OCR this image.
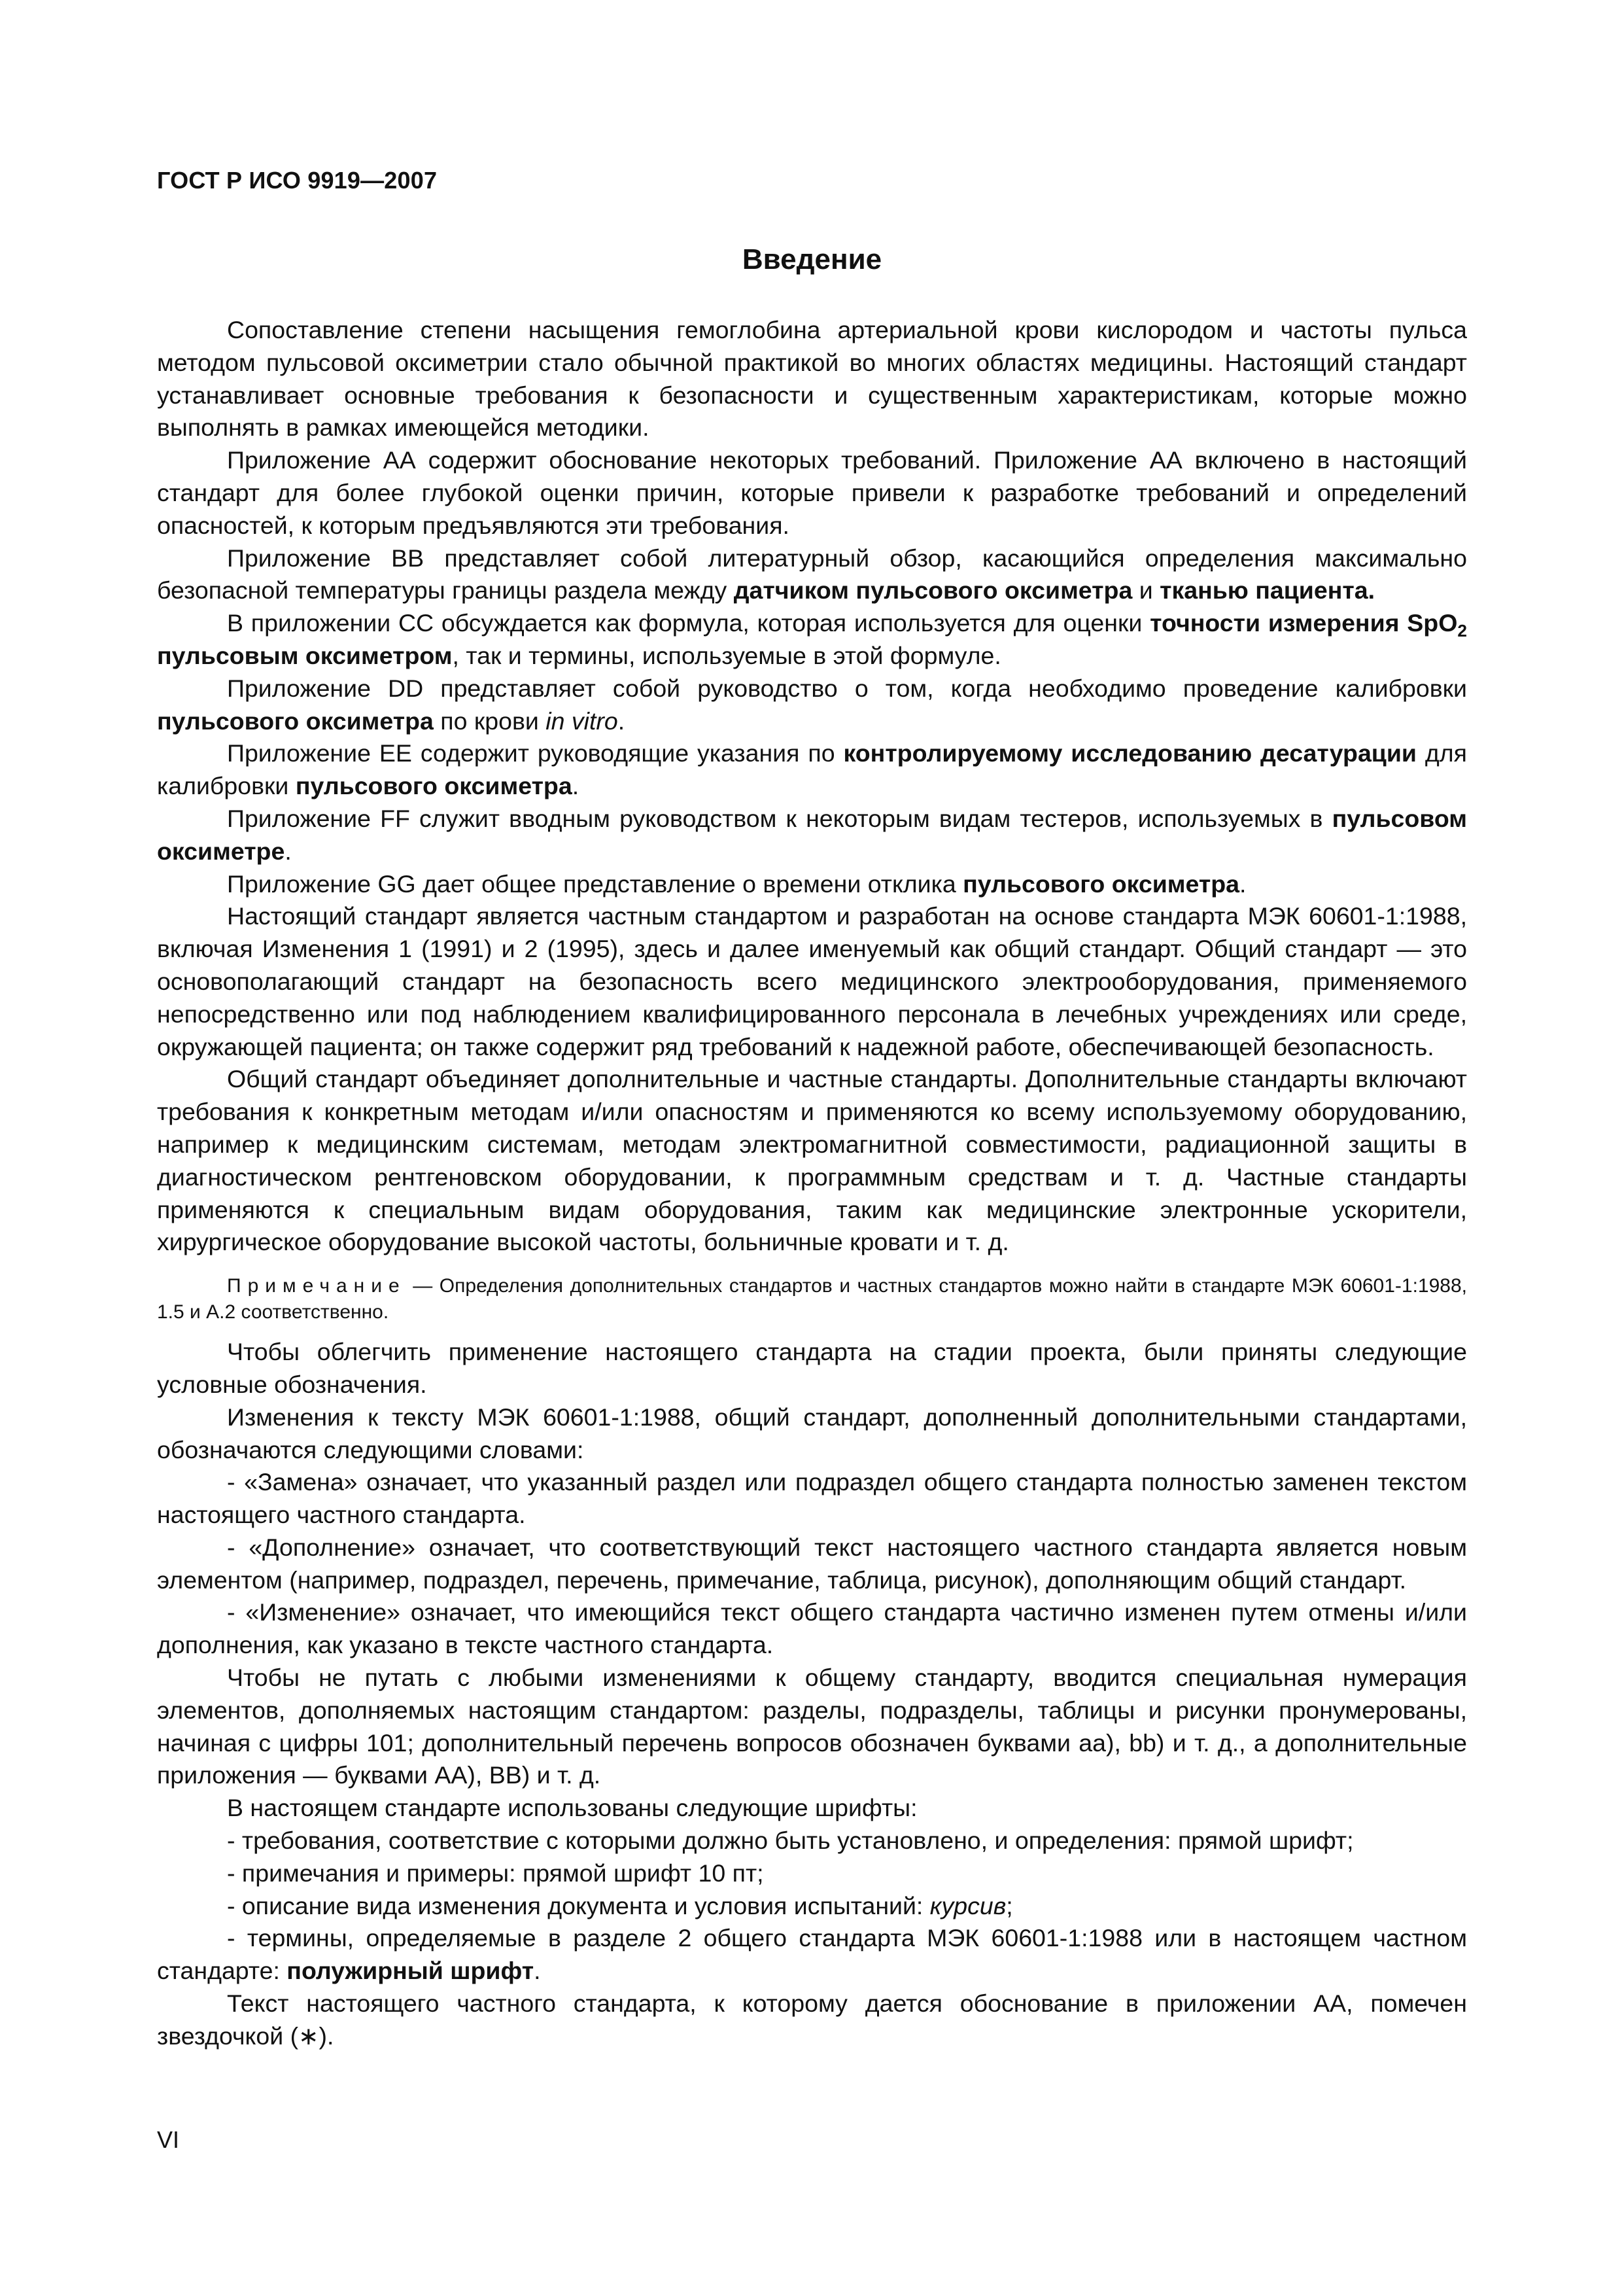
ГОСТ Р ИСО 9919—2007
Введение

Сопоставление степени насыщения гемоглобина артериальной крови кислородом и частоты пульса методом пульсовой оксиметрии стало обычной практикой во многих областях медицины. Настоящий стандарт устанавливает основные требования к безопасности и существенным характеристикам, которые можно выполнять в рамках имеющейся методики.

Приложение АА содержит обоснование некоторых требований. Приложение АА включено в настоящий стандарт для более глубокой оценки причин, которые привели к разработке требований и определений опасностей, к которым предъявляются эти требования.

Приложение ВВ представляет собой литературный обзор, касающийся определения максимально безопасной температуры границы раздела между датчиком пульсового оксиметра и тканью пациента.

В приложении СС обсуждается как формула, которая используется для оценки точности измерения SpO$_2$ пульсовым оксиметром, так и термины, используемые в этой формуле.

Приложение DD представляет собой руководство о том, когда необходимо проведение калибровки пульсового оксиметра по крови in vitro.

Приложение ЕЕ содержит руководящие указания по контролируемому исследованию десатурации для калибровки пульсового оксиметра.

Приложение FF служит вводным руководством к некоторым видам тестеров, используемых в пульсовом оксиметре.

Приложение GG дает общее представление о времени отклика пульсового оксиметра.

Настоящий стандарт является частным стандартом и разработан на основе стандарта МЭК 60601-1:1988, включая Изменения 1 (1991) и 2 (1995), здесь и далее именуемый как общий стандарт. Общий стандарт — это основополагающий стандарт на безопасность всего медицинского электрооборудования, применяемого непосредственно или под наблюдением квалифицированного персонала в лечебных учреждениях или среде, окружающей пациента; он также содержит ряд требований к надежной работе, обеспечивающей безопасность.

Общий стандарт объединяет дополнительные и частные стандарты. Дополнительные стандарты включают требования к конкретным методам и/или опасностям и применяются ко всему используемому оборудованию, например к медицинским системам, методам электромагнитной совместимости, радиационной защиты в диагностическом рентгеновском оборудовании, к программным средствам и т. д. Частные стандарты применяются к специальным видам оборудования, таким как медицинские электронные ускорители, хирургическое оборудование высокой частоты, больничные кровати и т. д.

Примечание — Определения дополнительных стандартов и частных стандартов можно найти в стандарте МЭК 60601-1:1988, 1.5 и А.2 соответственно.

Чтобы облегчить применение настоящего стандарта на стадии проекта, были приняты следующие условные обозначения.

Изменения к тексту МЭК 60601-1:1988, общий стандарт, дополненный дополнительными стандартами, обозначаются следующими словами:

- «Замена» означает, что указанный раздел или подраздел общего стандарта полностью заменен текстом настоящего частного стандарта.

- «Дополнение» означает, что соответствующий текст настоящего частного стандарта является новым элементом (например, подраздел, перечень, примечание, таблица, рисунок), дополняющим общий стандарт.

- «Изменение» означает, что имеющийся текст общего стандарта частично изменен путем отмены и/или дополнения, как указано в тексте частного стандарта.

Чтобы не путать с любыми изменениями к общему стандарту, вводится специальная нумерация элементов, дополняемых настоящим стандартом: разделы, подразделы, таблицы и рисунки пронумерованы, начиная с цифры 101; дополнительный перечень вопросов обозначен буквами аа), bb) и т. д., а дополнительные приложения — буквами АА), ВВ) и т. д.

В настоящем стандарте использованы следующие шрифты:

- требования, соответствие с которыми должно быть установлено, и определения: прямой шрифт;

- примечания и примеры: прямой шрифт 10 пт;

- описание вида изменения документа и условия испытаний: курсив;

- термины, определяемые в разделе 2 общего стандарта МЭК 60601-1:1988 или в настоящем частном стандарте: полужирный шрифт.

Текст настоящего частного стандарта, к которому дается обоснование в приложении АА, помечен звездочкой (∗).

VI
